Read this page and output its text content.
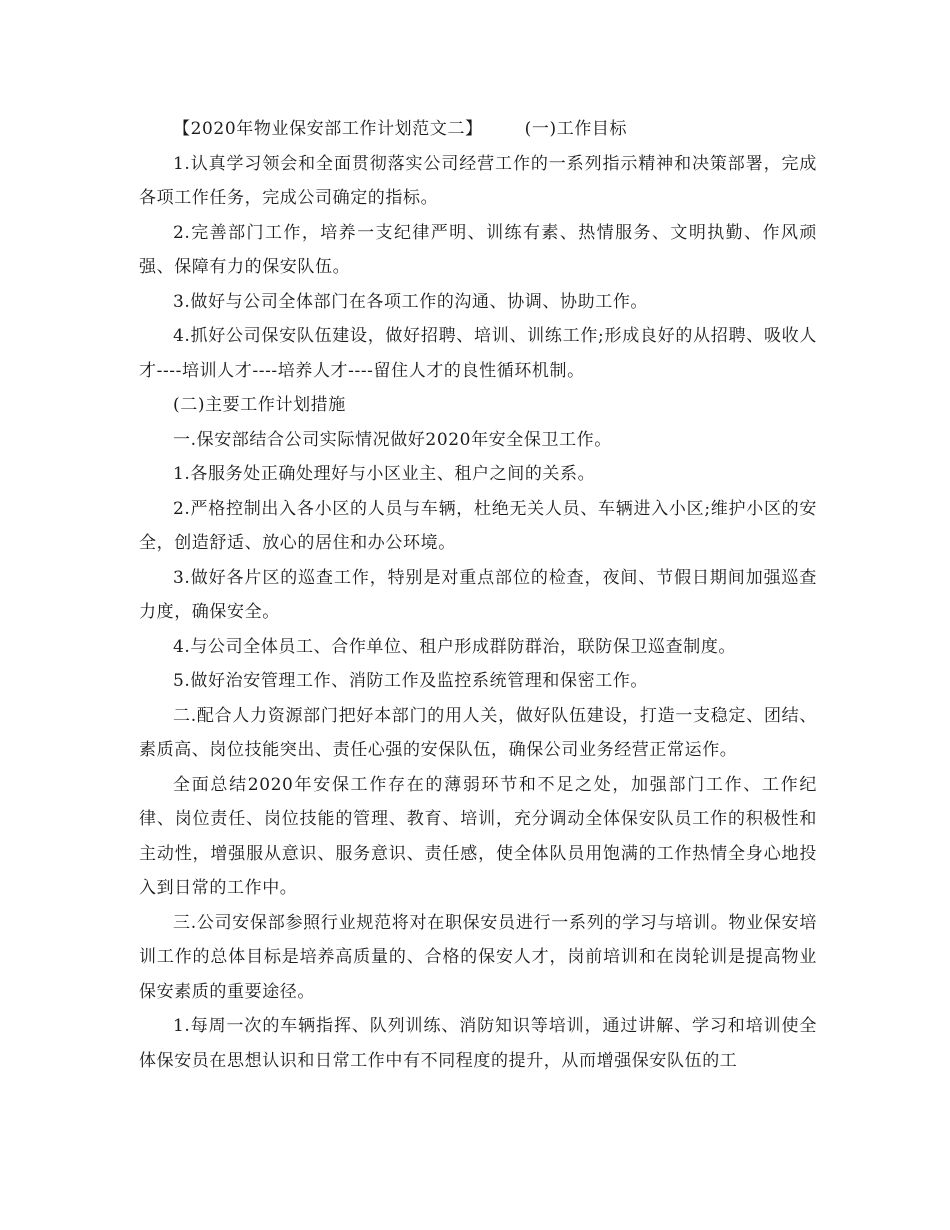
【2020年物业保安部工作计划范文二】 (一)工作目标

1.认真学习领会和全面贯彻落实公司经营工作的一系列指示精神和决策部署，完成各项工作任务，完成公司确定的指标。

2.完善部门工作，培养一支纪律严明、训练有素、热情服务、文明执勤、作风顽强、保障有力的保安队伍。

3.做好与公司全体部门在各项工作的沟通、协调、协助工作。

4.抓好公司保安队伍建设，做好招聘、培训、训练工作;形成良好的从招聘、吸收人才----培训人才----培养人才----留住人才的良性循环机制。

(二)主要工作计划措施

一.保安部结合公司实际情况做好2020年安全保卫工作。

1.各服务处正确处理好与小区业主、租户之间的关系。

2.严格控制出入各小区的人员与车辆，杜绝无关人员、车辆进入小区;维护小区的安全，创造舒适、放心的居住和办公环境。

3.做好各片区的巡查工作，特别是对重点部位的检查，夜间、节假日期间加强巡查力度，确保安全。

4.与公司全体员工、合作单位、租户形成群防群治，联防保卫巡查制度。

5.做好治安管理工作、消防工作及监控系统管理和保密工作。

二.配合人力资源部门把好本部门的用人关，做好队伍建设，打造一支稳定、团结、素质高、岗位技能突出、责任心强的安保队伍，确保公司业务经营正常运作。

全面总结2020年安保工作存在的薄弱环节和不足之处，加强部门工作、工作纪律、岗位责任、岗位技能的管理、教育、培训，充分调动全体保安队员工作的积极性和主动性，增强服从意识、服务意识、责任感，使全体队员用饱满的工作热情全身心地投入到日常的工作中。

三.公司安保部参照行业规范将对在职保安员进行一系列的学习与培训。物业保安培训工作的总体目标是培养高质量的、合格的保安人才，岗前培训和在岗轮训是提高物业保安素质的重要途径。

1.每周一次的车辆指挥、队列训练、消防知识等培训，通过讲解、学习和培训使全体保安员在思想认识和日常工作中有不同程度的提升，从而增强保安队伍的工
